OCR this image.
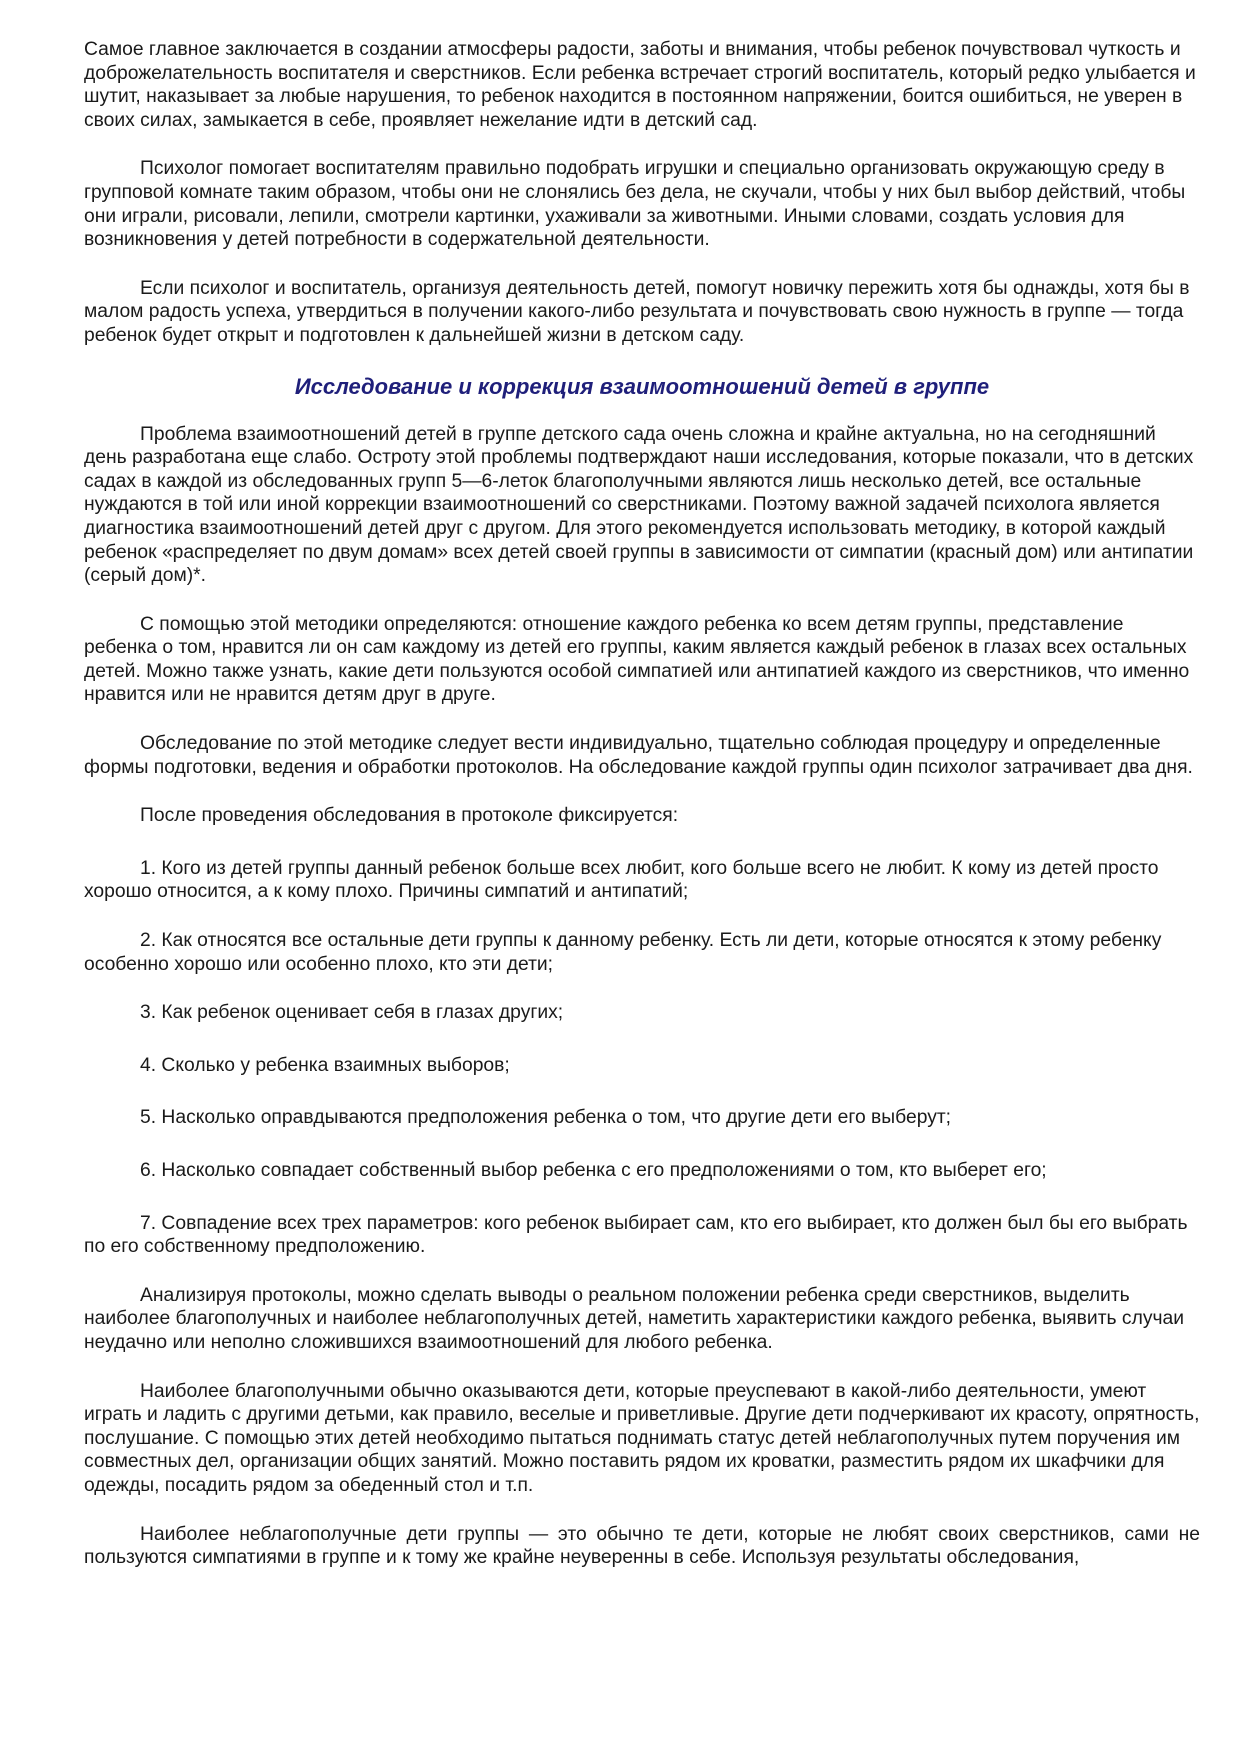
Самое главное заключается в создании атмосферы радости, заботы и внимания, чтобы ребенок почувствовал чуткость и доброжелательность воспитателя и сверстников. Если ребенка встречает строгий воспитатель, который редко улыбается и шутит, наказывает за любые нарушения, то ребенок находится в постоянном напряжении, боится ошибиться, не уверен в своих силах, замыкается в себе, проявляет нежелание идти в детский сад.

Психолог помогает воспитателям правильно подобрать игрушки и специально организовать окружающую среду в групповой комнате таким образом, чтобы они не слонялись без дела, не скучали, чтобы у них был выбор действий, чтобы они играли, рисовали, лепили, смотрели картинки, ухаживали за животными. Иными словами, создать условия для возникновения у детей потребности в содержательной деятельности.

Если психолог и воспитатель, организуя деятельность детей, помогут новичку пережить хотя бы однажды, хотя бы в малом радость успеха, утвердиться в получении какого-либо результата и почувствовать свою нужность в группе — тогда ребенок будет открыт и подготовлен к дальнейшей жизни в детском саду.

Исследование и коррекция взаимоотношений детей в группе

Проблема взаимоотношений детей в группе детского сада очень сложна и крайне актуальна, но на сегодняшний день разработана еще слабо. Остроту этой проблемы подтверждают наши исследования, которые показали, что в детских садах в каждой из обследованных групп 5—6-леток благополучными являются лишь несколько детей, все остальные нуждаются в той или иной коррекции взаимоотношений со сверстниками. Поэтому важной задачей психолога является диагностика взаимоотношений детей друг с другом. Для этого рекомендуется использовать методику, в которой каждый ребенок «распределяет по двум домам» всех детей своей группы в зависимости от симпатии (красный дом) или антипатии (серый дом)*.

С помощью этой методики определяются: отношение каждого ребенка ко всем детям группы, представление ребенка о том, нравится ли он сам каждому из детей его группы, каким является каждый ребенок в глазах всех остальных детей. Можно также узнать, какие дети пользуются особой симпатией или антипатией каждого из сверстников, что именно нравится или не нравится детям друг в друге.

Обследование по этой методике следует вести индивидуально, тщательно соблюдая процедуру и определенные формы подготовки, ведения и обработки протоколов. На обследование каждой группы один психолог затрачивает два дня.

После проведения обследования в протоколе фиксируется:

1. Кого из детей группы данный ребенок больше всех любит, кого больше всего не любит. К кому из детей просто хорошо относится, а к кому плохо. Причины симпатий и антипатий;

2. Как относятся все остальные дети группы к данному ребенку. Есть ли дети, которые относятся к этому ребенку особенно хорошо или особенно плохо, кто эти дети;

3. Как ребенок оценивает себя в глазах других;

4. Сколько у ребенка взаимных выборов;

5. Насколько оправдываются предположения ребенка о том, что другие дети его выберут;

6. Насколько совпадает собственный выбор ребенка с его предположениями о том, кто выберет его;

7. Совпадение всех трех параметров: кого ребенок выбирает сам, кто его выбирает, кто должен был бы его выбрать по его собственному предположению.

Анализируя протоколы, можно сделать выводы о реальном положении ребенка среди сверстников, выделить наиболее благополучных и наиболее неблагополучных детей, наметить характеристики каждого ребенка, выявить случаи неудачно или неполно сложившихся взаимоотношений для любого ребенка.

Наиболее благополучными обычно оказываются дети, которые преуспевают в какой-либо деятельности, умеют играть и ладить с другими детьми, как правило, веселые и приветливые. Другие дети подчеркивают их красоту, опрятность, послушание. С помощью этих детей необходимо пытаться поднимать статус детей неблагополучных путем поручения им совместных дел, организации общих занятий. Можно поставить рядом их кроватки, разместить рядом их шкафчики для одежды, посадить рядом за обеденный стол и т.п.

Наиболее неблагополучные дети группы — это обычно те дети, которые не любят своих сверстников, сами не пользуются симпатиями в группе и к тому же крайне неуверенны в себе. Используя результаты обследования,
